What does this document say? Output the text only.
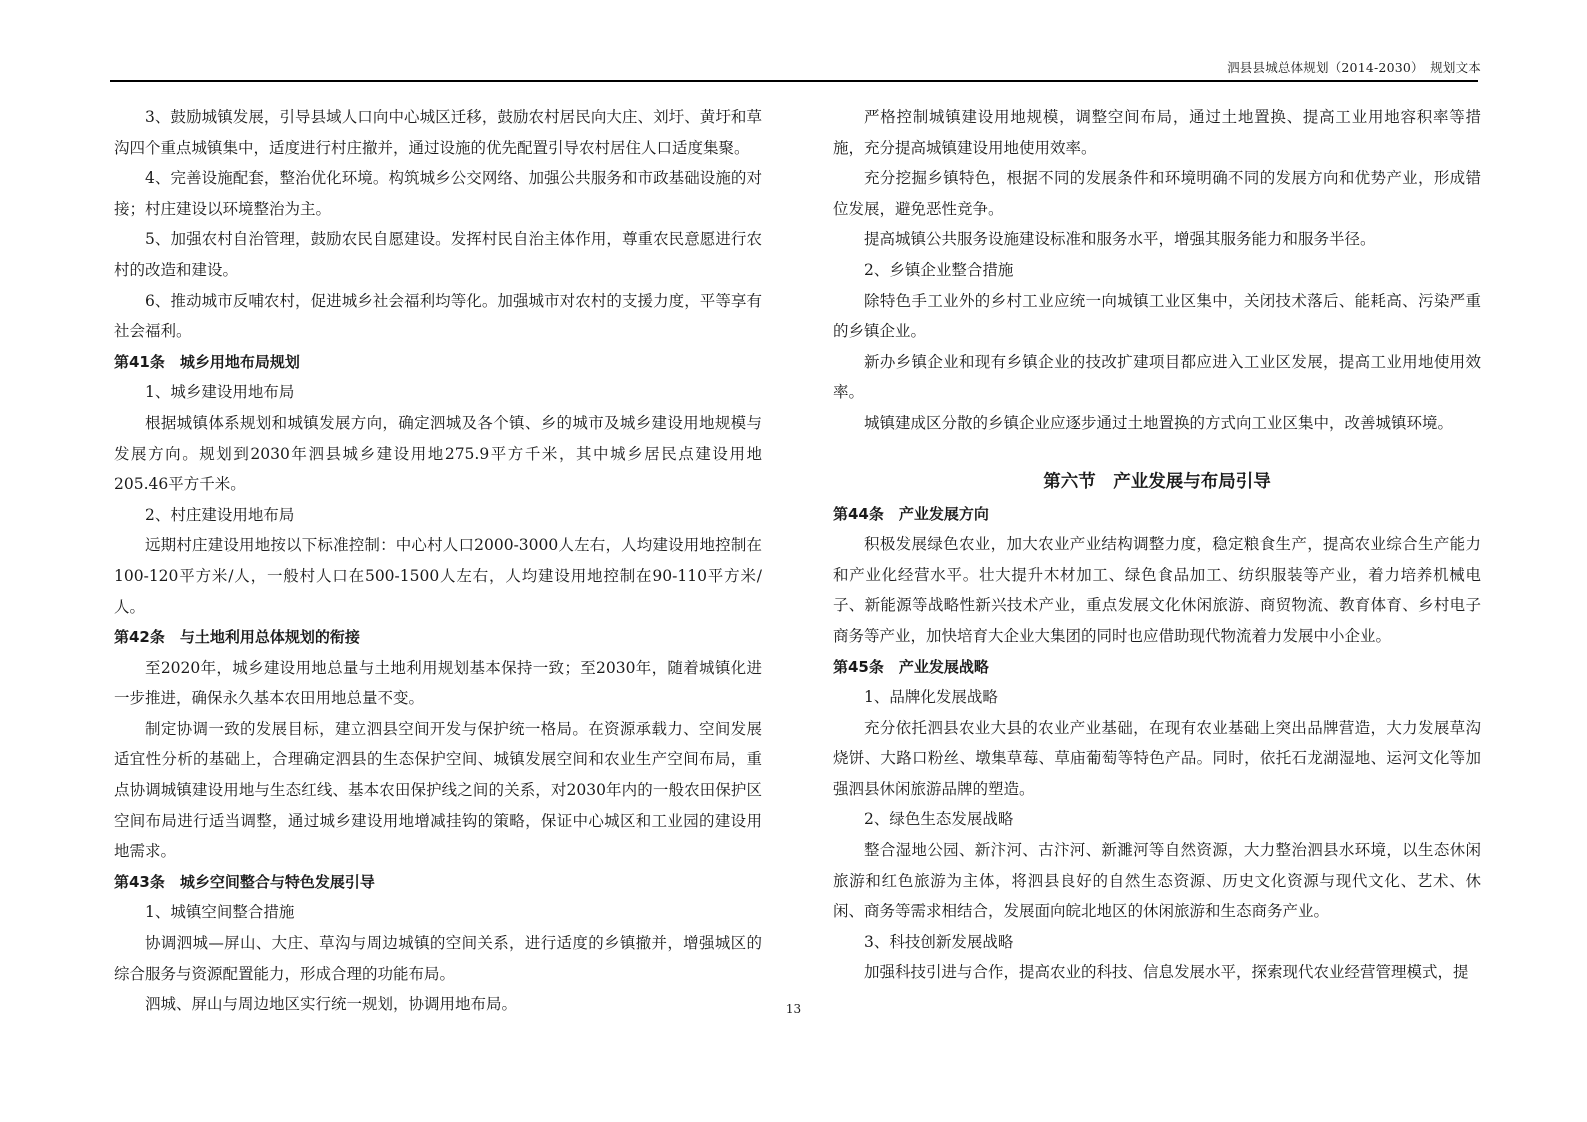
泗县县城总体规划（2014-2030）　规划文本

3、鼓励城镇发展，引导县域人口向中心城区迁移，鼓励农村居民向大庄、刘圩、黄圩和草沟四个重点城镇集中，适度进行村庄撤并，通过设施的优先配置引导农村居住人口适度集聚。

4、完善设施配套，整治优化环境。构筑城乡公交网络、加强公共服务和市政基础设施的对接；村庄建设以环境整治为主。

5、加强农村自治管理，鼓励农民自愿建设。发挥村民自治主体作用，尊重农民意愿进行农村的改造和建设。

6、推动城市反哺农村，促进城乡社会福利均等化。加强城市对农村的支援力度，平等享有社会福利。

第41条　城乡用地布局规划

1、城乡建设用地布局

根据城镇体系规划和城镇发展方向，确定泗城及各个镇、乡的城市及城乡建设用地规模与发展方向。规划到2030年泗县城乡建设用地275.9平方千米，其中城乡居民点建设用地205.46平方千米。

2、村庄建设用地布局

远期村庄建设用地按以下标准控制：中心村人口2000-3000人左右，人均建设用地控制在100-120平方米/人，一般村人口在500-1500人左右，人均建设用地控制在90-110平方米/人。

第42条　与土地利用总体规划的衔接

至2020年，城乡建设用地总量与土地利用规划基本保持一致；至2030年，随着城镇化进一步推进，确保永久基本农田用地总量不变。

制定协调一致的发展目标，建立泗县空间开发与保护统一格局。在资源承载力、空间发展适宜性分析的基础上，合理确定泗县的生态保护空间、城镇发展空间和农业生产空间布局，重点协调城镇建设用地与生态红线、基本农田保护线之间的关系，对2030年内的一般农田保护区空间布局进行适当调整，通过城乡建设用地增减挂钩的策略，保证中心城区和工业园的建设用地需求。

第43条　城乡空间整合与特色发展引导

1、城镇空间整合措施

协调泗城—屏山、大庄、草沟与周边城镇的空间关系，进行适度的乡镇撤并，增强城区的综合服务与资源配置能力，形成合理的功能布局。

泗城、屏山与周边地区实行统一规划，协调用地布局。

严格控制城镇建设用地规模，调整空间布局，通过土地置换、提高工业用地容积率等措施，充分提高城镇建设用地使用效率。

充分挖掘乡镇特色，根据不同的发展条件和环境明确不同的发展方向和优势产业，形成错位发展，避免恶性竞争。

提高城镇公共服务设施建设标准和服务水平，增强其服务能力和服务半径。

2、乡镇企业整合措施

除特色手工业外的乡村工业应统一向城镇工业区集中，关闭技术落后、能耗高、污染严重的乡镇企业。

新办乡镇企业和现有乡镇企业的技改扩建项目都应进入工业区发展，提高工业用地使用效率。

城镇建成区分散的乡镇企业应逐步通过土地置换的方式向工业区集中，改善城镇环境。

第六节　产业发展与布局引导

第44条　产业发展方向

积极发展绿色农业，加大农业产业结构调整力度，稳定粮食生产，提高农业综合生产能力和产业化经营水平。壮大提升木材加工、绿色食品加工、纺织服装等产业，着力培养机械电子、新能源等战略性新兴技术产业，重点发展文化休闲旅游、商贸物流、教育体育、乡村电子商务等产业，加快培育大企业大集团的同时也应借助现代物流着力发展中小企业。

第45条　产业发展战略

1、品牌化发展战略

充分依托泗县农业大县的农业产业基础，在现有农业基础上突出品牌营造，大力发展草沟烧饼、大路口粉丝、墩集草莓、草庙葡萄等特色产品。同时，依托石龙湖湿地、运河文化等加强泗县休闲旅游品牌的塑造。

2、绿色生态发展战略

整合湿地公园、新汴河、古汴河、新濉河等自然资源，大力整治泗县水环境，以生态休闲旅游和红色旅游为主体，将泗县良好的自然生态资源、历史文化资源与现代文化、艺术、休闲、商务等需求相结合，发展面向皖北地区的休闲旅游和生态商务产业。

3、科技创新发展战略

加强科技引进与合作，提高农业的科技、信息发展水平，探索现代农业经营管理模式，提

13
